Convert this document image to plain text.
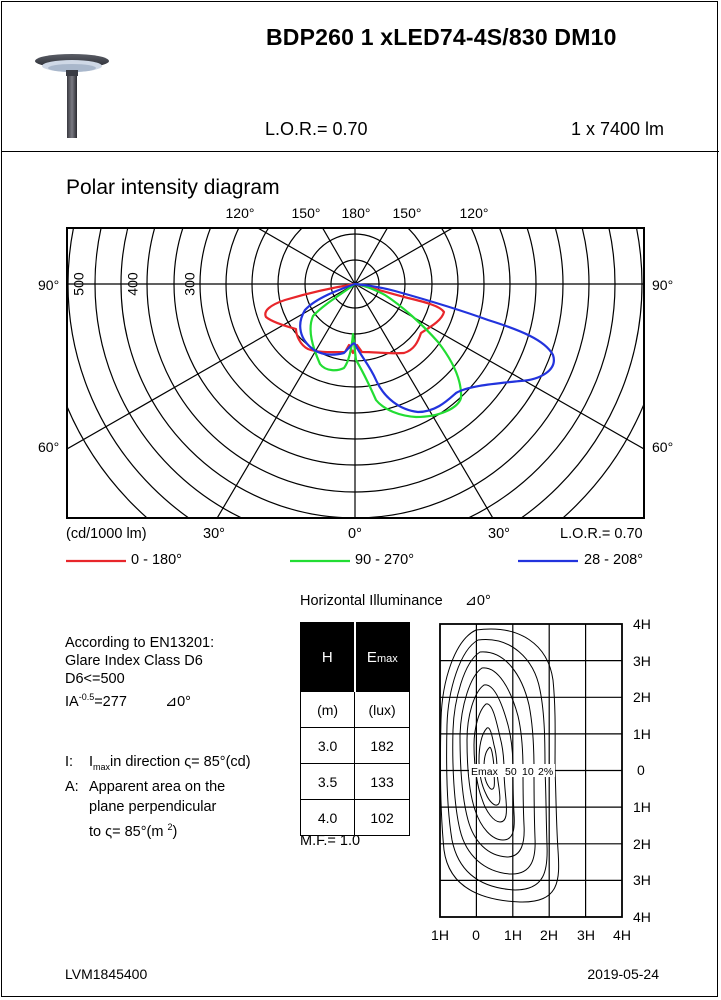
BDP260 1 xLED74-4S/830 DM10
L.O.R.= 0.70	1 x 7400 lm
Polar intensity diagram
500	400	300
120°	150° 180° 150°	120°
90°
60°
90°
60°
(cd/1000 lm)	30°	0°	30°	L.O.R.= 0.70
0 - 180°	90 - 270°	28 - 208°
According to EN13201:
Glare Index Class D6
D6<=500
$IA^{-0.5}=277$	⊿0°
I:	$I_{max}in$ direction ς= 85°(cd)
A: Apparent area on the
plane perpendicular
to ς= 85°(m $^2$)
Horizontal Illuminance ⊿0°
H	Emax
(m)	(lux)
3.0	182
3.5	133
4.0	102
M.F.= 1.0
Emax 50 10 2%
4H
3H
2H
1H
0
1H
2H
3H
4H
1H 0 1H 2H 3H 4H
LVM1845400	2019-05-24
